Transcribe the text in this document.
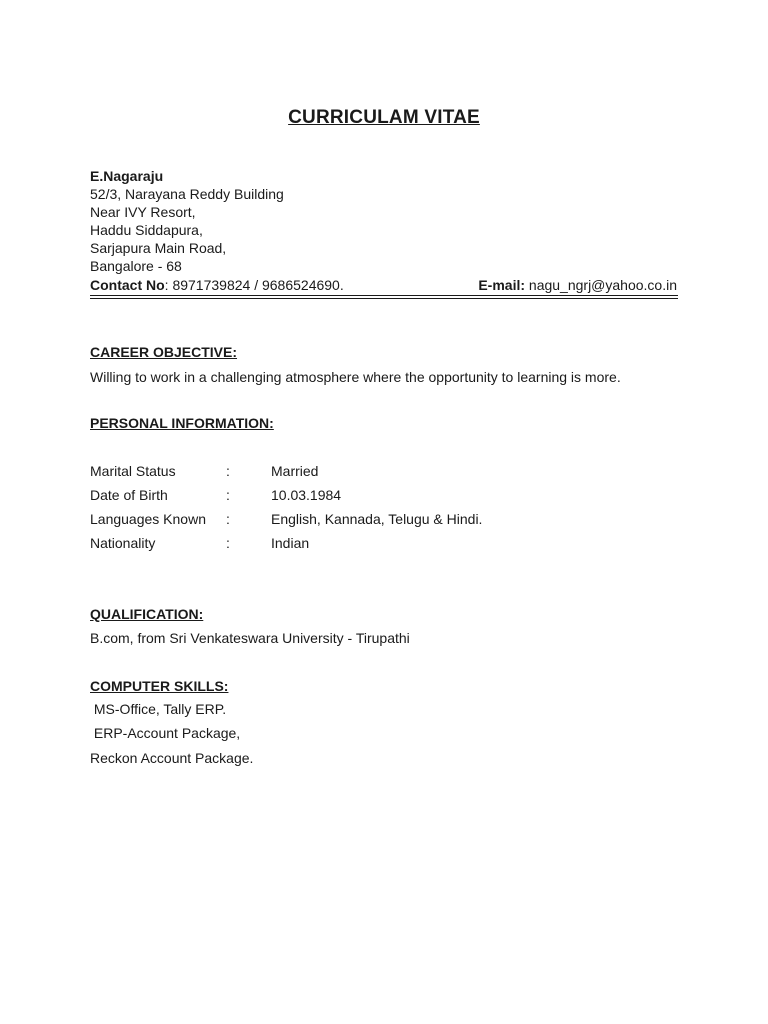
CURRICULAM VITAE
E.Nagaraju
52/3, Narayana Reddy Building
Near IVY Resort,
Haddu Siddapura,
Sarjapura Main Road,
Bangalore - 68
Contact No: 8971739824 / 9686524690.	E-mail: nagu_ngrj@yahoo.co.in
CAREER OBJECTIVE:
Willing to work in a challenging atmosphere where the opportunity to learning is more.
PERSONAL INFORMATION:
Marital Status	:	Married
Date of Birth	:	10.03.1984
Languages Known :	English, Kannada, Telugu & Hindi.
Nationality	:	Indian
QUALIFICATION:
B.com, from Sri Venkateswara University - Tirupathi
COMPUTER SKILLS:
MS-Office, Tally ERP.
ERP-Account Package,
Reckon Account Package.
